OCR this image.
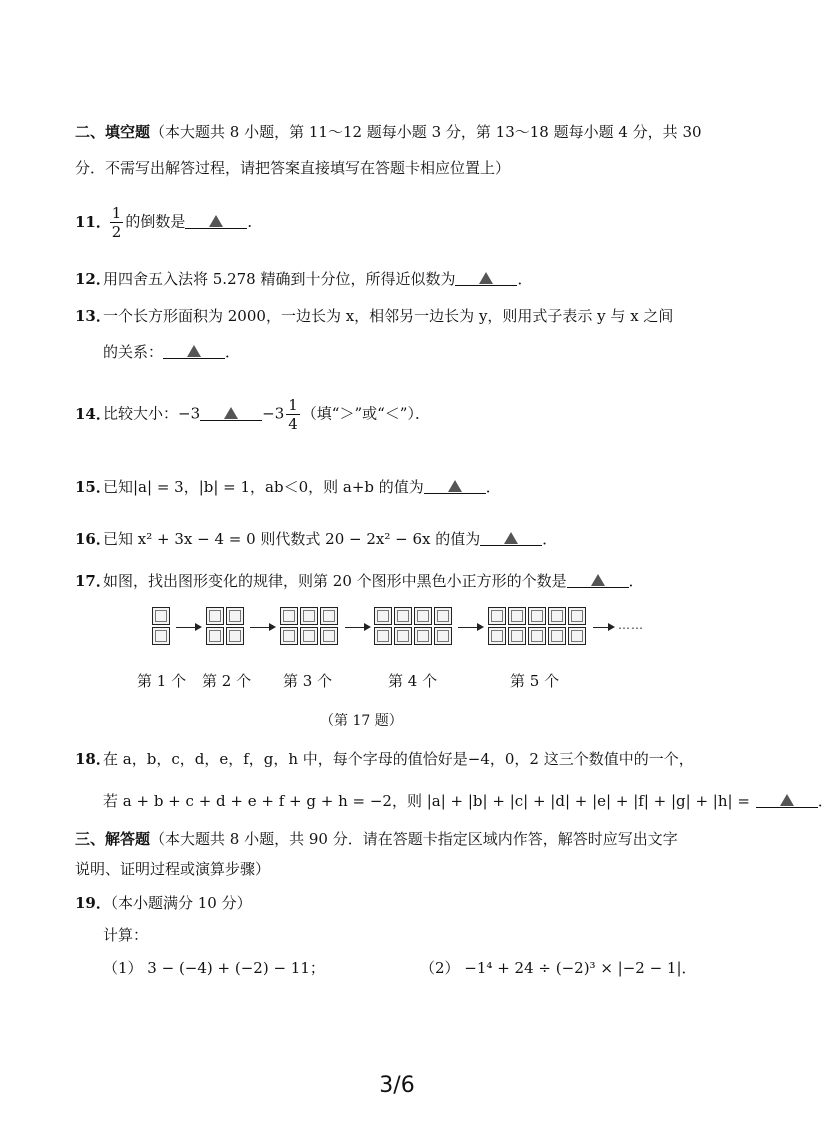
二、填空题（本大题共 8 小题，第 11～12 题每小题 3 分，第 13～18 题每小题 4 分，共 30
分．不需写出解答过程，请把答案直接填写在答题卡相应位置上）
11．
$\frac{1}{2}$ 的倒数是	．
12．用四舍五入法将 5.278 精确到十分位，所得近似数为	．
13．一个长方形面积为 2000，一边长为 x，相邻另一边长为 y，则用式子表示 y 与 x 之间
的关系：	．
14．比较大小：−3	$-3 \frac{1}{4}$ （填“＞”或“＜”）．
15．已知|a| = 3，|b| = 1，ab＜0，则 a+b 的值为	．
16．已知 x² + 3x − 4 = 0 则代数式 20 − 2x² − 6x 的值为	．
17．如图，找出图形变化的规律，则第 20 个图形中黑色小正方形的个数是	．
……
第 1 个 第 2 个 第 3 个	第 4 个	第 5 个
（第 17 题）
18．在 a，b，c，d，e，f，g，h 中，每个字母的值恰好是−4，0，2 这三个数值中的一个，
若 a + b + c + d + e + f + g + h = −2，则 |a| + |b| + |c| + |d| + |e| + |f| + |g| + |h| =	．
三、解答题（本大题共 8 小题，共 90 分．请在答题卡指定区域内作答，解答时应写出文字
说明、证明过程或演算步骤）
19．（本小题满分 10 分）
计算：
（1） 3 − (−4) + (−2) − 11；	（2） −1⁴ + 24 ÷ (−2)³ × |−2 − 1|．
3/6
